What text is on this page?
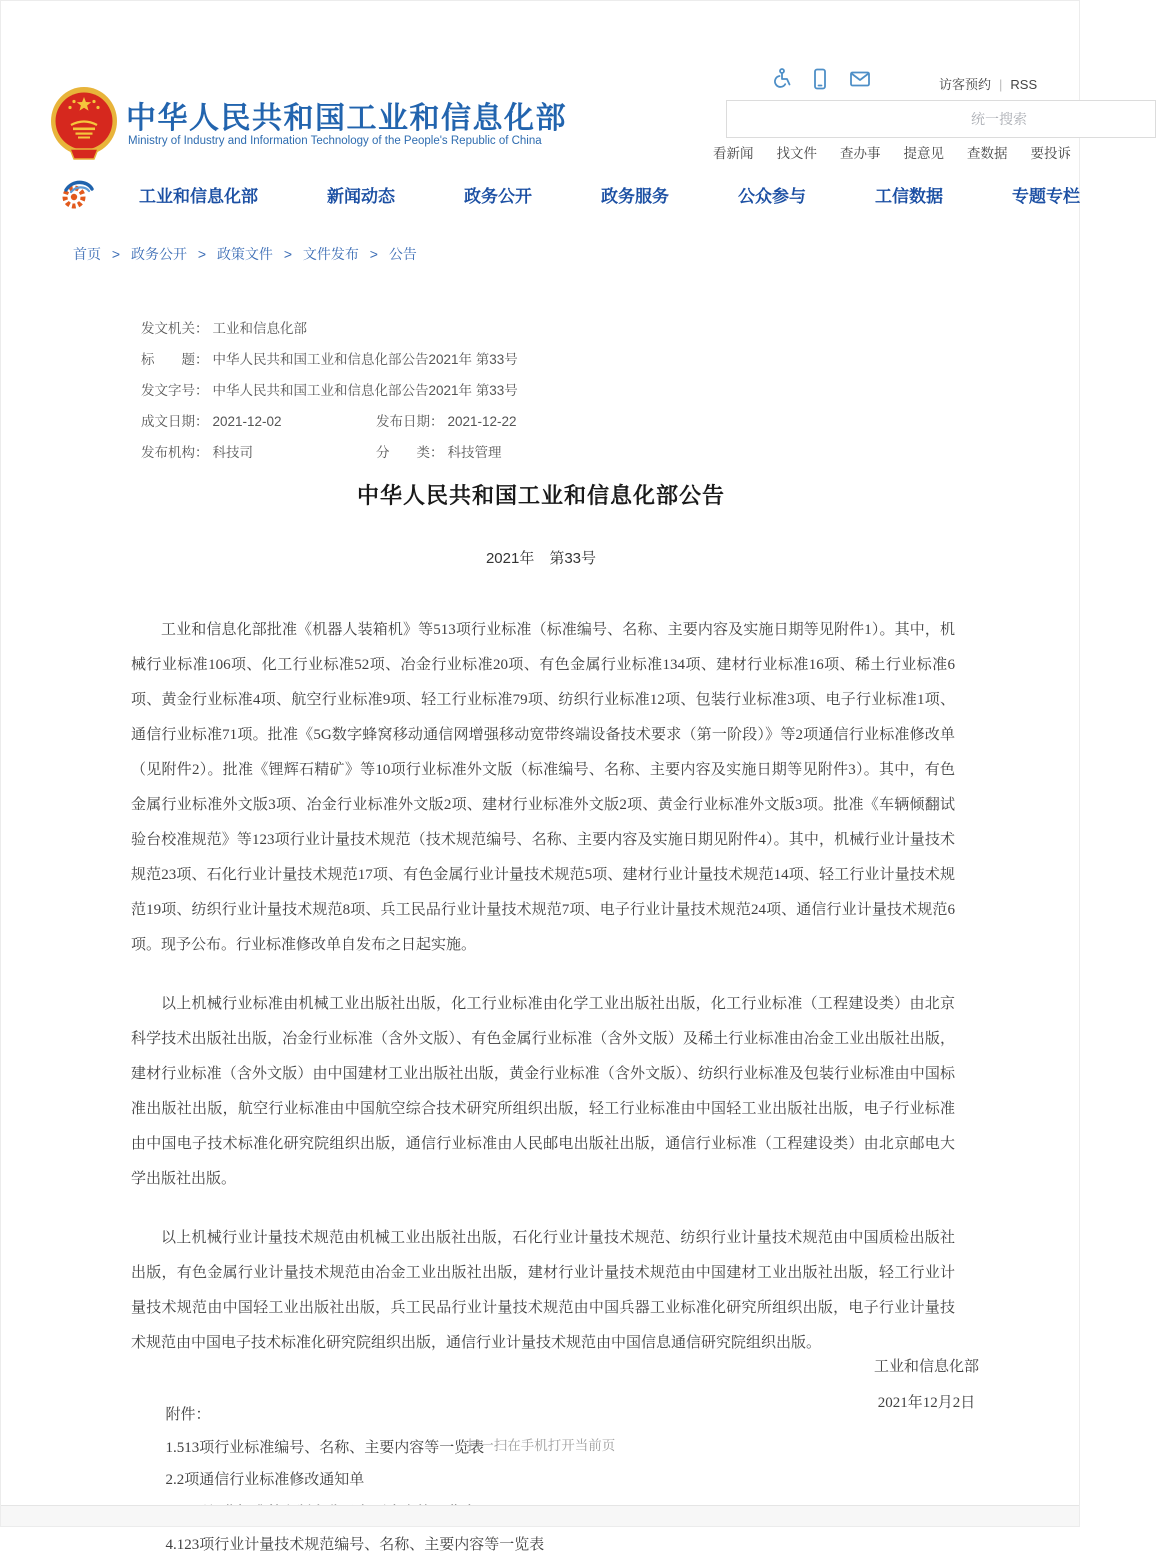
中华人民共和国工业和信息化部
Ministry of Industry and Information Technology of the People's Republic of China
访客预约 | RSS
统一搜索
看新闻 找文件 查办事 提意见 查数据 要投诉
工业和信息化部	新闻动态	政务公开	政务服务	公众参与	工信数据	专题专栏
首页 > 政务公开 > 政策文件 > 文件发布 > 公告
发文机关： 工业和信息化部
标　　题： 中华人民共和国工业和信息化部公告2021年 第33号
发文字号： 中华人民共和国工业和信息化部公告2021年 第33号
成文日期： 2021-12-02	发布日期： 2021-12-22
发布机构： 科技司	分　　类： 科技管理
中华人民共和国工业和信息化部公告
2021年　第33号

工业和信息化部批准《机器人装箱机》等513项行业标准（标准编号、名称、主要内容及实施日期等见附件1）。其中，机械行业标准106项、化工行业标准52项、冶金行业标准20项、有色金属行业标准134项、建材行业标准16项、稀土行业标准6项、黄金行业标准4项、航空行业标准9项、轻工行业标准79项、纺织行业标准12项、包装行业标准3项、电子行业标准1项、通信行业标准71项。批准《5G数字蜂窝移动通信网增强移动宽带终端设备技术要求（第一阶段）》等2项通信行业标准修改单（见附件2）。批准《锂辉石精矿》等10项行业标准外文版（标准编号、名称、主要内容及实施日期等见附件3）。其中，有色金属行业标准外文版3项、冶金行业标准外文版2项、建材行业标准外文版2项、黄金行业标准外文版3项。批准《车辆倾翻试验台校准规范》等123项行业计量技术规范（技术规范编号、名称、主要内容及实施日期见附件4）。其中，机械行业计量技术规范23项、石化行业计量技术规范17项、有色金属行业计量技术规范5项、建材行业计量技术规范14项、轻工行业计量技术规范19项、纺织行业计量技术规范8项、兵工民品行业计量技术规范7项、电子行业计量技术规范24项、通信行业计量技术规范6项。现予公布。行业标准修改单自发布之日起实施。

以上机械行业标准由机械工业出版社出版，化工行业标准由化学工业出版社出版，化工行业标准（工程建设类）由北京科学技术出版社出版，冶金行业标准（含外文版）、有色金属行业标准（含外文版）及稀土行业标准由冶金工业出版社出版，建材行业标准（含外文版）由中国建材工业出版社出版，黄金行业标准（含外文版）、纺织行业标准及包装行业标准由中国标准出版社出版，航空行业标准由中国航空综合技术研究所组织出版，轻工行业标准由中国轻工业出版社出版，电子行业标准由中国电子技术标准化研究院组织出版，通信行业标准由人民邮电出版社出版，通信行业标准（工程建设类）由北京邮电大学出版社出版。

以上机械行业计量技术规范由机械工业出版社出版，石化行业计量技术规范、纺织行业计量技术规范由中国质检出版社出版，有色金属行业计量技术规范由冶金工业出版社出版，建材行业计量技术规范由中国建材工业出版社出版，轻工行业计量技术规范由中国轻工业出版社出版，兵工民品行业计量技术规范由中国兵器工业标准化研究所组织出版，电子行业计量技术规范由中国电子技术标准化研究院组织出版，通信行业计量技术规范由中国信息通信研究院组织出版。

附件：
1.513项行业标准编号、名称、主要内容等一览表
2.2项通信行业标准修改通知单
4.123项行业计量技术规范编号、名称、主要内容等一览表
工业和信息化部
2021年12月2日
扫一扫在手机打开当前页
